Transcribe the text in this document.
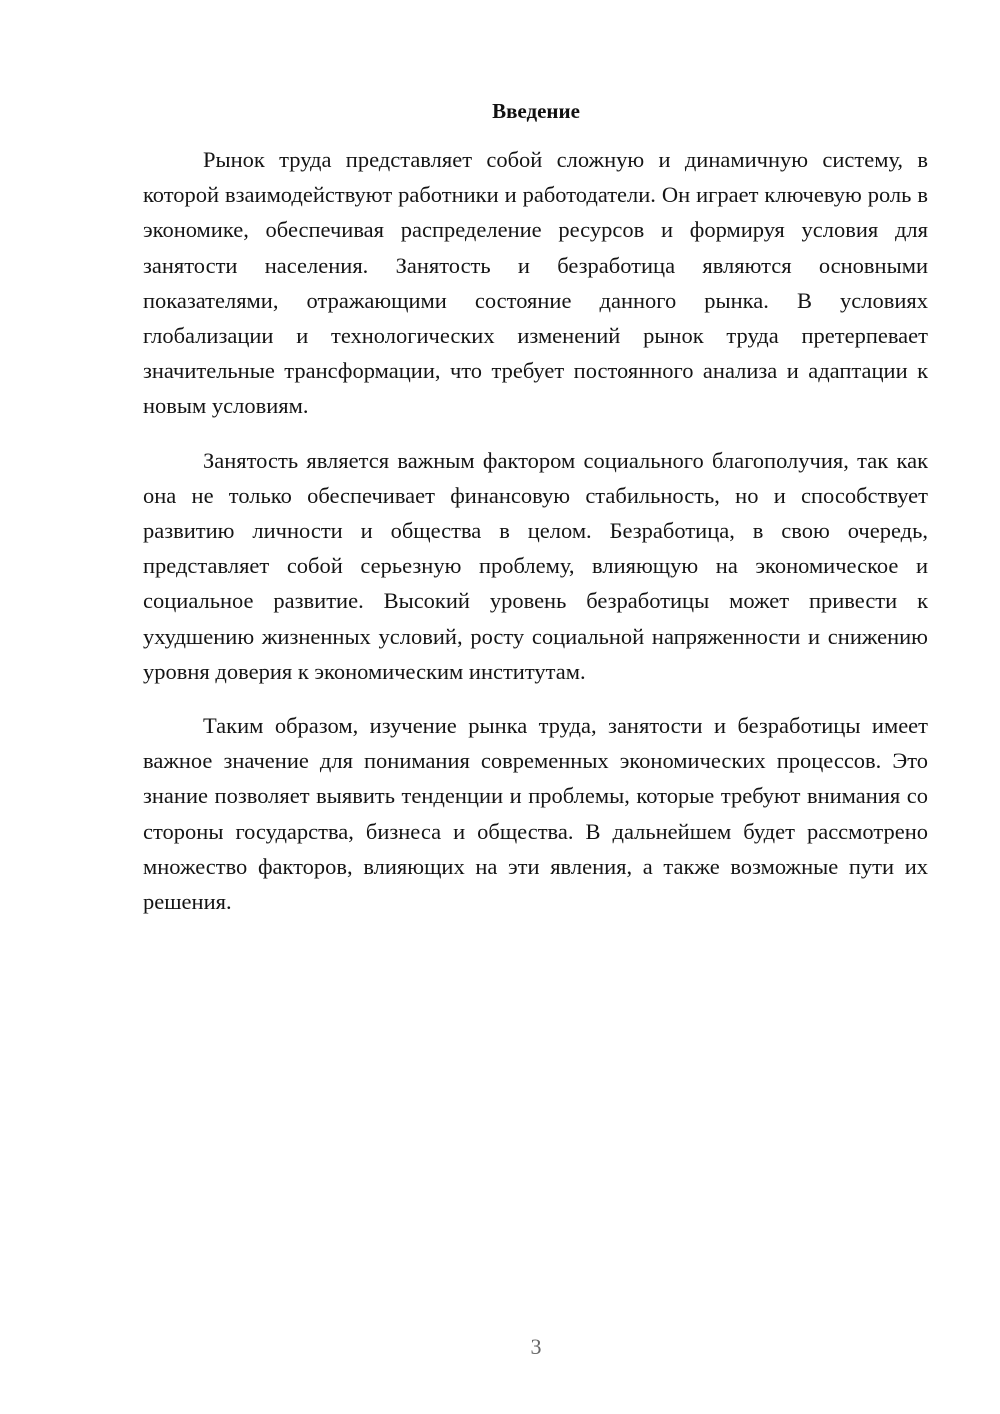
Введение

Рынок труда представляет собой сложную и динамичную систему, в которой взаимодействуют работники и работодатели. Он играет ключевую роль в экономике, обеспечивая распределение ресурсов и формируя условия для занятости населения. Занятость и безработица являются основными показателями, отражающими состояние данного рынка. В условиях глобализации и технологических изменений рынок труда претерпевает значительные трансформации, что требует постоянного анализа и адаптации к новым условиям.

Занятость является важным фактором социального благополучия, так как она не только обеспечивает финансовую стабильность, но и способствует развитию личности и общества в целом. Безработица, в свою очередь, представляет собой серьезную проблему, влияющую на экономическое и социальное развитие. Высокий уровень безработицы может привести к ухудшению жизненных условий, росту социальной напряженности и снижению уровня доверия к экономическим институтам.

Таким образом, изучение рынка труда, занятости и безработицы имеет важное значение для понимания современных экономических процессов. Это знание позволяет выявить тенденции и проблемы, которые требуют внимания со стороны государства, бизнеса и общества. В дальнейшем будет рассмотрено множество факторов, влияющих на эти явления, а также возможные пути их решения.

3
